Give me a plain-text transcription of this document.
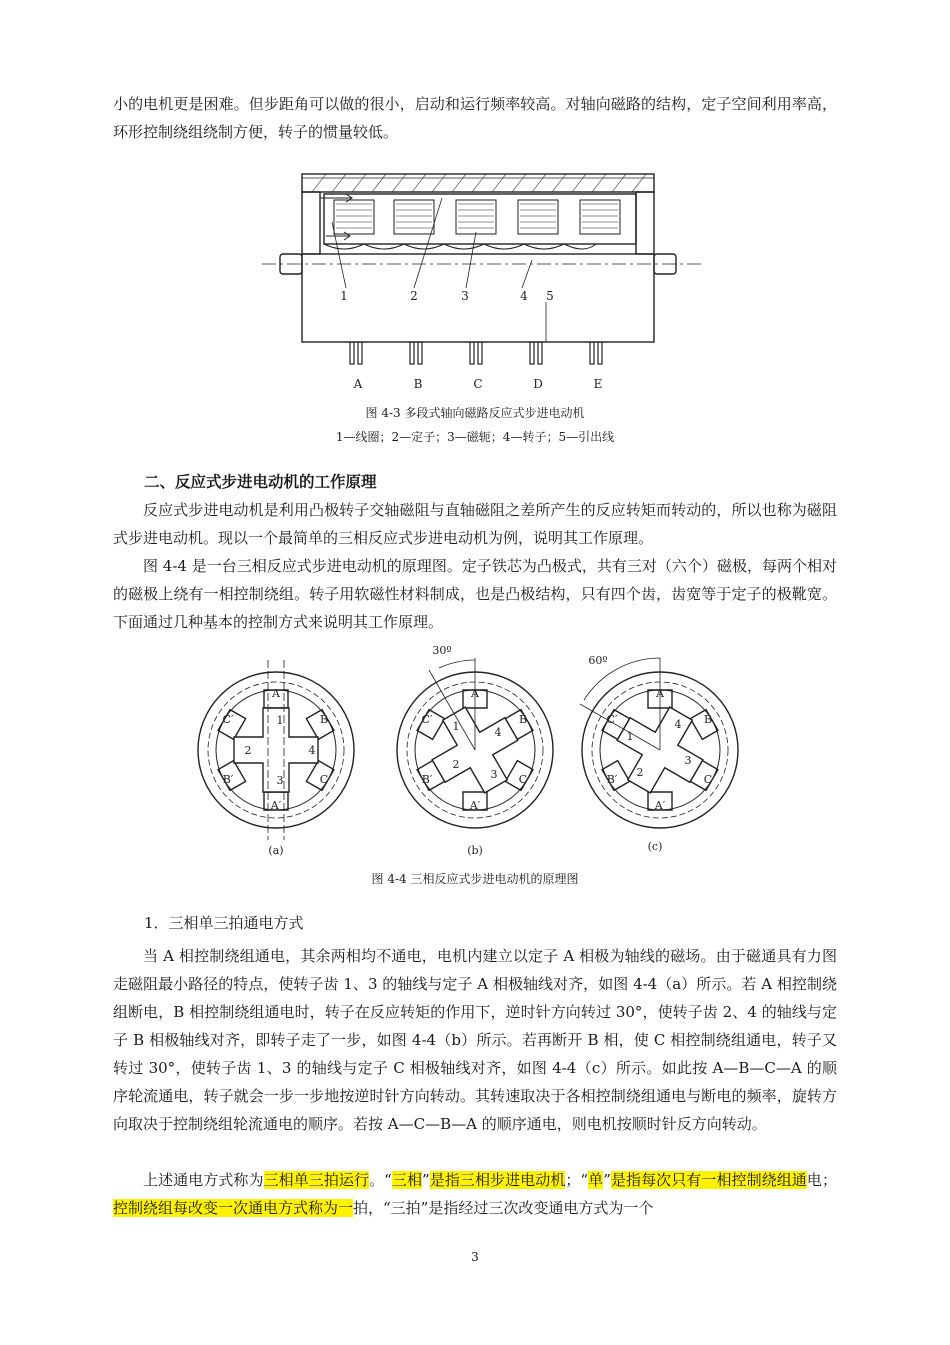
小的电机更是困难。但步距角可以做的很小，启动和运行频率较高。对轴向磁路的结构，定子空间利用率高，环形控制绕组绕制方便，转子的惯量较低。

1	2	3	4 5
A	B	C	D	E

图 4-3 多段式轴向磁路反应式步进电动机

1—线圈；2—定子；3—磁轭；4—转子；5—引出线

二、反应式步进电动机的工作原理

反应式步进电动机是利用凸极转子交轴磁阻与直轴磁阻之差所产生的反应转矩而转动的，所以也称为磁阻式步进电动机。现以一个最简单的三相反应式步进电动机为例，说明其工作原理。

图 4-4 是一台三相反应式步进电动机的原理图。定子铁芯为凸极式，共有三对（六个）磁极，每两个相对的磁极上绕有一相控制绕组。转子用软磁性材料制成，也是凸极结构，只有四个齿，齿宽等于定子的极靴宽。下面通过几种基本的控制方式来说明其工作原理。

A
B
C
A′
B′
C′	1
2
3
4
A
B
C
A′
B′
C′
1
2
3
4
30º
A
B
C
A′
B′
C′
1
2
3
4
60º
(a)	(b)	(c)

图 4-4 三相反应式步进电动机的原理图

1．三相单三拍通电方式

当 A 相控制绕组通电，其余两相均不通电，电机内建立以定子 A 相极为轴线的磁场。由于磁通具有力图走磁阻最小路径的特点，使转子齿 1、3 的轴线与定子 A 相极轴线对齐，如图 4-4（a）所示。若 A 相控制绕组断电，B 相控制绕组通电时，转子在反应转矩的作用下，逆时针方向转过 30°，使转子齿 2、4 的轴线与定子 B 相极轴线对齐，即转子走了一步，如图 4-4（b）所示。若再断开 B 相，使 C 相控制绕组通电，转子又转过 30°，使转子齿 1、3 的轴线与定子 C 相极轴线对齐，如图 4-4（c）所示。如此按 A—B—C—A 的顺序轮流通电，转子就会一步一步地按逆时针方向转动。其转速取决于各相控制绕组通电与断电的频率，旋转方向取决于控制绕组轮流通电的顺序。若按 A—C—B—A 的顺序通电，则电机按顺时针反方向转动。

上述通电方式称为三相单三拍运行。“三相”是指三相步进电动机；“单”是指每次只有一相控制绕组通电；控制绕组每改变一次通电方式称为一拍，“三拍”是指经过三次改变通电方式为一个

3
